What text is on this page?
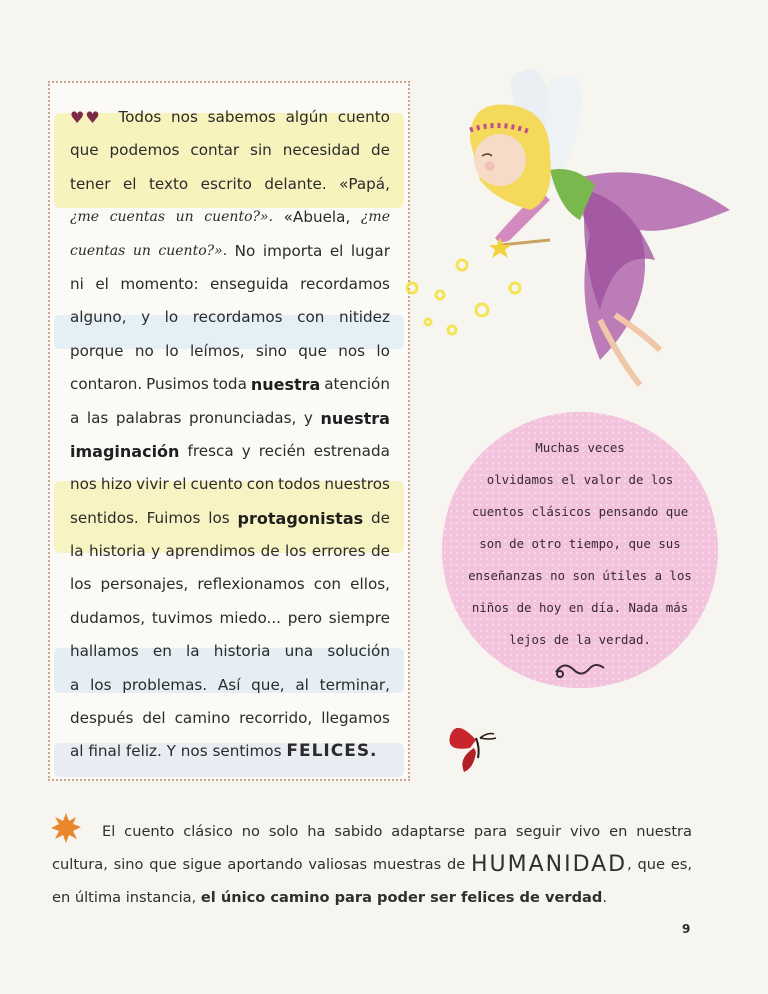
♥♥ Todos nos sabemos algún cuento
que podemos contar sin necesidad de
tener el texto escrito delante. «Papá,
¿me cuentas un cuento?». «Abuela, ¿me
cuentas un cuento?». No importa el lugar
ni el momento: enseguida recordamos
alguno, y lo recordamos con nitidez
porque no lo leímos, sino que nos lo
contaron. Pusimos toda nuestra atención
a las palabras pronunciadas, y nuestra
imaginación fresca y recién estrenada
nos hizo vivir el cuento con todos nuestros
sentidos. Fuimos los protagonistas de
la historia y aprendimos de los errores de
los personajes, reflexionamos con ellos,
dudamos, tuvimos miedo... pero siempre
hallamos en la historia una solución
a los problemas. Así que, al terminar,
después del camino recorrido, llegamos
al
final
feliz.
Y
nos
sentimos
FELICES.
Muchas veces
olvidamos el valor de los
cuentos clásicos pensando que
son de otro tiempo, que sus
enseñanzas no son útiles a los
niños de hoy en día. Nada más
lejos de la verdad.
El cuento clásico no solo ha sabido adaptarse para seguir vivo en nuestra cultura, sino que sigue aportando valiosas muestras de HUMANIDAD, que es, en última instancia, el único camino para poder ser felices de verdad.
9
